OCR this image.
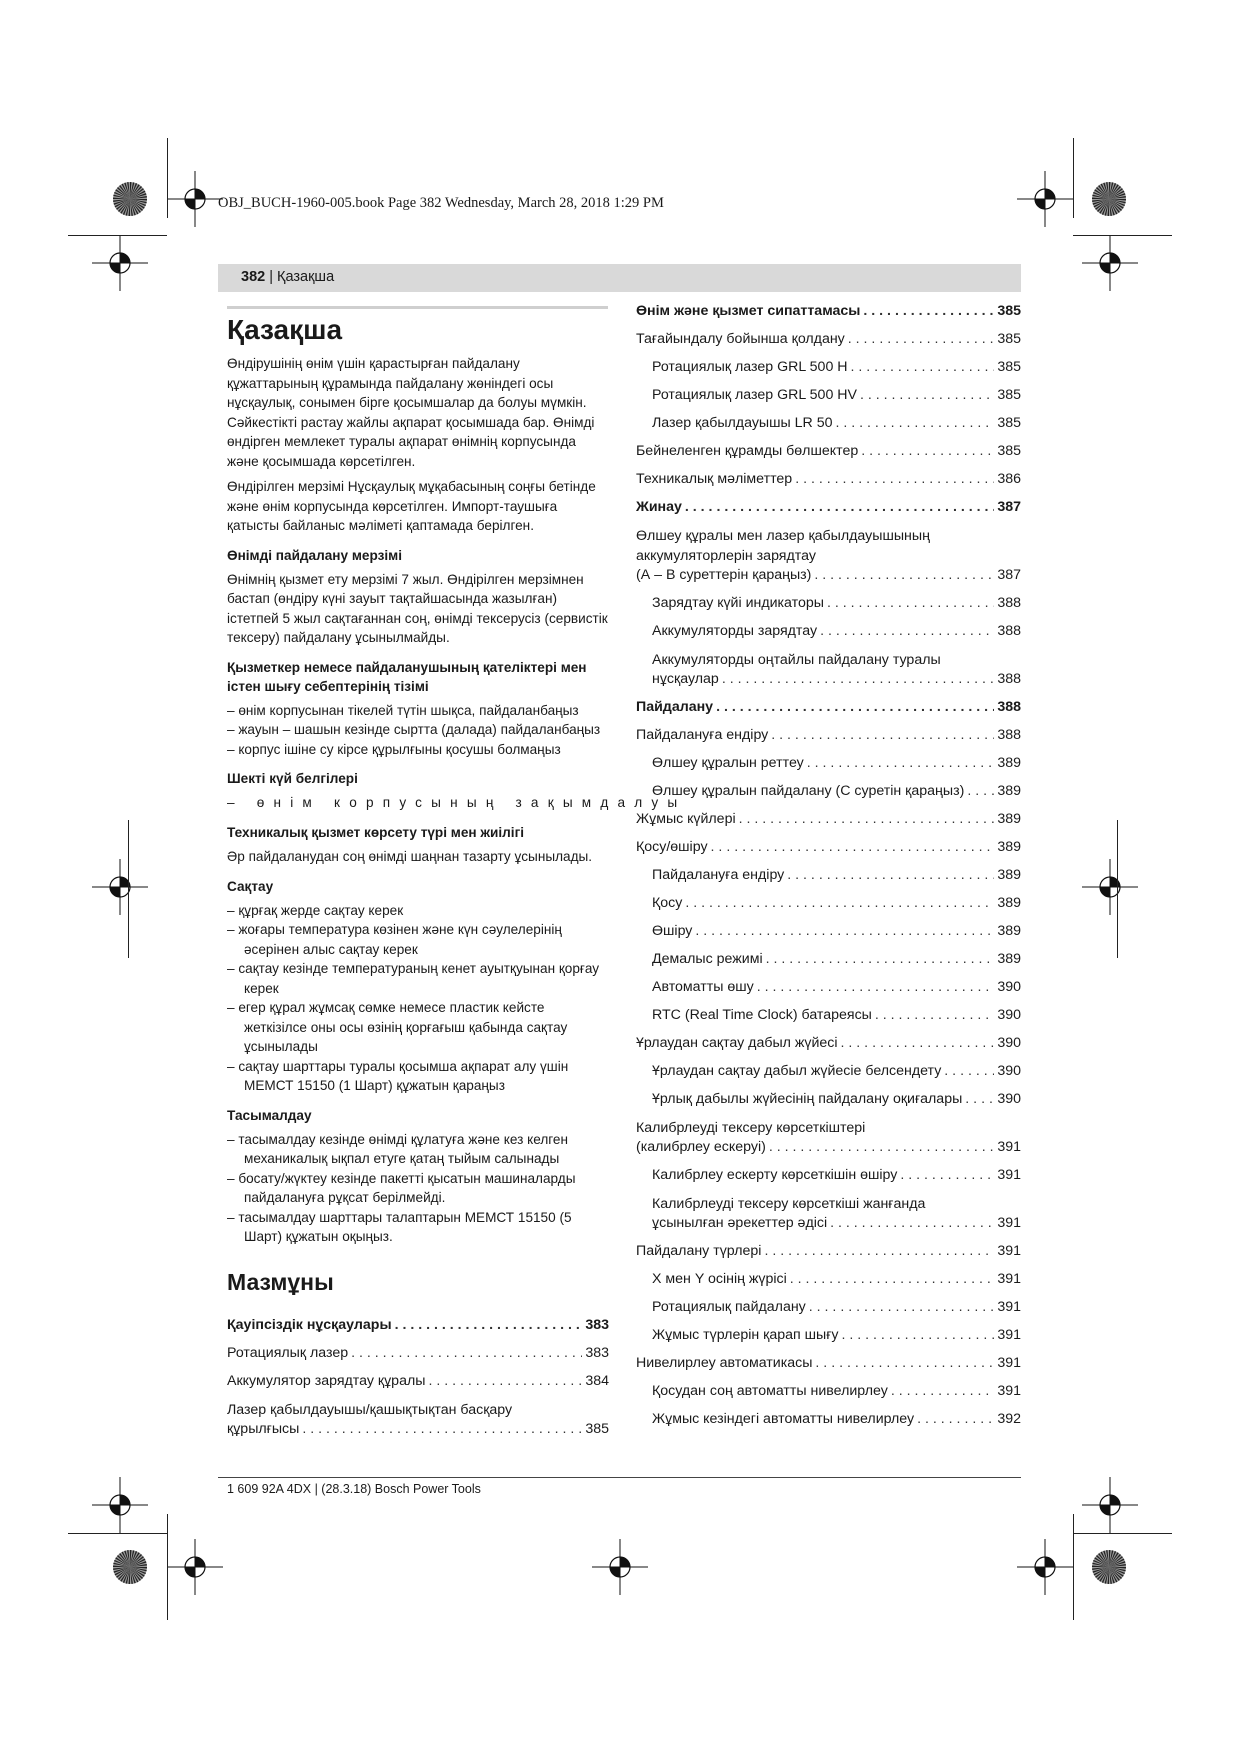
OBJ_BUCH-1960-005.book Page 382 Wednesday, March 28, 2018 1:29 PM
382 | Қазақша
Қазақша

Өндірушінің өнім үшін қарастырған пайдалану құжаттарының құрамында пайдалану жөніндегі осы нұсқаулық, сонымен бірге қосымшалар да болуы мүмкін. Сәйкестікті растау жайлы ақпарат қосымшада бар. Өнімді өндірген мемлекет туралы ақпарат өнімнің корпусында және қосымшада көрсетілген.

Өндірілген мерзімі Нұсқаулық мұқабасының соңғы бетінде және өнім корпусында көрсетілген. Импорт-таушыға қатысты байланыс мәліметі қаптамада берілген.

Өнімді пайдалану мерзімі

Өнімнің қызмет ету мерзімі 7 жыл. Өндірілген мерзімнен бастап (өндіру күні зауыт тақтайшасында жазылған) істетпей 5 жыл сақтағаннан соң, өнімді тексерусіз (сервистік тексеру) пайдалану ұсынылмайды.

Қызметкер немесе пайдаланушының қателіктері мен істен шығу себептерінің тізімі
– өнім корпусынан тікелей түтін шықса, пайдаланбаңыз
– жауын – шашын кезінде сыртта (далада) пайдаланбаңыз
– корпус ішіне су кірсе құрылғыны қосушы болмаңыз
Шекті күй белгілері
– өнім корпусының зақымдалуы
Техникалық қызмет көрсету түрі мен жиілігі

Әр пайдаланудан соң өнімді шаңнан тазарту ұсынылады.

Сақтау
– құрғақ жерде сақтау керек
– жоғары температура көзінен және күн сәулелерінің әсерінен алыс сақтау керек
– сақтау кезінде температураның кенет ауытқуынан қорғау керек
– егер құрал жұмсақ сөмке немесе пластик кейсте жеткізілсе оны осы өзінің қорғағыш қабында сақтау ұсынылады
– сақтау шарттары туралы қосымша ақпарат алу үшін МЕМСТ 15150 (1 Шарт) құжатын қараңыз
Тасымалдау
– тасымалдау кезінде өнімді құлатуға және кез келген механикалық ықпал етуге қатаң тыйым салынады
– босату/жүктеу кезінде пакетті қысатын машиналарды пайдалануға рұқсат берілмейді.
– тасымалдау шарттары талаптарын МЕМСТ 15150 (5 Шарт) құжатын оқыңыз.
Мазмұны
Қауіпсіздік нұсқаулары . . .	383
Ротациялық лазер . . .	383
Аккумулятор зарядтау құралы . . .	384
Лазер қабылдауышы/қашықтықтан басқару
құрылғысы . . .	385
Өнім және қызмет сипаттамасы . . .	385
Тағайындалу бойынша қолдану . . .	385
Ротациялық лазер GRL 500 H . . .	385
Ротациялық лазер GRL 500 HV . . .	385
Лазер қабылдауышы LR 50 . . .	385
Бейнеленген құрамды бөлшектер . . .	385
Техникалық мәліметтер . . .	386
Жинау . . .	387
Өлшеу құралы мен лазер қабылдауышының аккумуляторлерін зарядтау
(А – В суреттерін қараңыз) . . .	387
Зарядтау күйі индикаторы . . .	388
Аккумуляторды зарядтау . . .	388
Аккумуляторды оңтайлы пайдалану туралы
нұсқаулар . . .	388
Пайдалану . . .	388
Пайдалануға ендіру . . .	388
Өлшеу құралын реттеу . . .	389
Өлшеу құралын пайдалану (С суретін қараңыз) . . . 389
Жұмыс күйлері . . .	389
Қосу/өшіру . . .	389
Пайдалануға ендіру . . .	389
Қосу . . .	389
Өшіру . . .	389
Демалыс режимі . . .	389
Автоматты өшу . . .	390
RTC (Real Time Clock) батареясы . . .	390
Ұрлаудан сақтау дабыл жүйесі . . .	390
Ұрлаудан сақтау дабыл жүйесіе белсендету . . .	390
Ұрлық дабылы жүйесінің пайдалану оқиғалары . . . 390
Калибрлеуді тексеру көрсеткіштері
(калибрлеу ескеруі) . . .	391
Калибрлеу ескерту көрсеткішін өшіру . . .	391
Калибрлеуді тексеру көрсеткіші жанғанда
ұсынылған әрекеттер әдісі . . .	391
Пайдалану түрлері . . .	391
X мен Y осінің жүрісі . . .	391
Ротациялық пайдалану . . .	391
Жұмыс түрлерін қарап шығу . . .	391
Нивелирлеу автоматикасы . . .	391
Қосудан соң автоматты нивелирлеу . . .	391
Жұмыс кезіндегі автоматты нивелирлеу . . .	392
1 609 92A 4DX | (28.3.18) Bosch Power Tools
